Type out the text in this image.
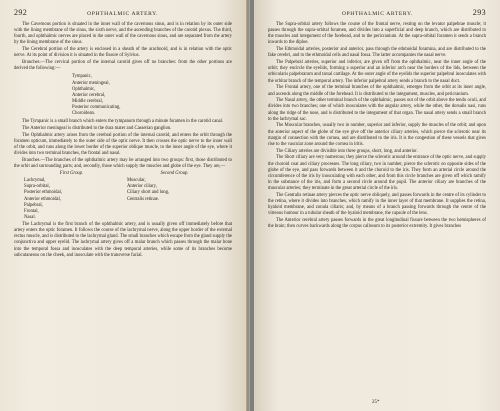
292	OPHTHALMIC ARTERY.

The Cavernous portion is situated in the inner wall of the cavernous sinus, and is in relation by its outer side with the lining membrane of the sinus, the sixth nerve, and the ascending branches of the carotid plexus. The third, fourth, and ophthalmic nerves are placed in the outer wall of the cavernous sinus, and are separated from the artery by the lining membrane of the sinus.

The Cerebral portion of the artery is enclosed in a sheath of the arachnoid, and is in relation with the optic nerve. At its point of division it is situated in the fissure of Sylvius.

Branches.—The cervical portion of the internal carotid gives off no branches: from the other portions are derived the following:—

Tympanic,
Anterior meningeal,
Ophthalmic,
Anterior cerebral,
Middle cerebral,
Posterior communicating,
Choroidean.

The Tympanic is a small branch which enters the tympanum through a minute foramen in the carotid canal.

The Anterior meningeal is distributed to the dura mater and Casserian ganglion.

The Ophthalmic artery arises from the cerebral portion of the internal carotid, and enters the orbit through the foramen opticum, immediately to the outer side of the optic nerve. It then crosses the optic nerve to the inner wall of the orbit, and runs along the lower border of the superior oblique muscle, to the inner angle of the eye, where it divides into two terminal branches, the frontal and nasal.

Branches.—The branches of the ophthalmic artery may be arranged into two groups: first, those distributed to the orbit and surrounding parts; and, secondly, those which supply the muscles and globe of the eye. They are,—

First Group.
Lachrymal,
Supra-orbital,
Posterior ethmoidal,
Anterior ethmoidal,
Palpebral,
Frontal,
Nasal.
Second Group.
Muscular,
Anterior ciliary,
Ciliary short and long,
Centralis retinae.

The Lachrymal is the first branch of the ophthalmic artery, and is usually given off immediately before that artery enters the optic foramen. It follows the course of the lachrymal nerve, along the upper border of the external rectus muscle, and is distributed to the lachrymal gland. The small branches which escape from the gland supply the conjunctiva and upper eyelid. The lachrymal artery gives off a malar branch which passes through the malar bone into the temporal fossa and inosculates with the deep temporal arteries, while some of its branches become subcutaneous on the cheek, and inosculate with the transverse facial.

OPHTHALMIC ARTERY.	293

The Supra-orbital artery follows the course of the frontal nerve, resting on the levator palpebrae muscle; it passes through the supra-orbital foramen, and divides into a superficial and deep branch, which are distributed to the muscles and integument of the forehead, and to the pericranium. At the supra-orbital foramen it sends a branch inwards to the diploe.

The Ethmoidal arteries, posterior and anterior, pass through the ethmoidal foramina, and are distributed to the fake cerebri, and to the ethmoidal cells and nasal fossa. The latter accompanies the nasal nerve.

The Palpebral arteries, superior and inferior, are given off from the ophthalmic, near the inner angle of the orbit; they encircle the eyelids, forming a superior and an inferior arch near the borders of the lids, between the orbicularis palpebrarum and tarsal cartilage. At the outer angle of the eyelids the superior palpebral inosculates with the orbitar branch of the temporal artery. The inferior palpebral artery sends a branch to the nasal duct.

The Frontal artery, one of the terminal branches of the ophthalmic, emerges from the orbit at its inner angle, and ascends along the middle of the forehead. It is distributed to the integument, muscles, and pericranium.

The Nasal artery, the other terminal branch of the ophthalmic, passes out of the orbit above the tendo oculi, and divides into two branches; one of which inosculates with the angular artery, while the other, the dorsalis nasi, runs along the ridge of the nose, and is distributed to the integument of that organ. The nasal artery sends a small branch to the lachrymal sac.

The Muscular branches, usually two in number, superior and inferior, supply the muscles of the orbit; and upon the anterior aspect of the globe of the eye give off the anterior ciliary arteries, which pierce the sclerotic near its margin of connection with the cornea, and are distributed to the iris. It is the congestion of these vessels that gives rise to the vascular zone around the cornea in iritis.

The Ciliary arteries are divisible into three groups, short, long, and anterior.

The Short ciliary are very numerous; they pierce the sclerotic around the entrance of the optic nerve, and supply the choroid coat and ciliary processes. The long ciliary, two in number, pierce the sclerotic on opposite sides of the globe of the eye, and pass forwards between it and the choroid to the iris. They form an arterial circle around the circumference of the iris by inosculating with each other, and from this circle branches are given off which ramify in the substance of the iris, and form a second circle around the pupil. The anterior ciliary are branches of the muscular arteries; they terminate in the great arterial circle of the iris.

The Centralis retinae artery pierces the optic nerve obliquely, and passes forwards in the centre of its cylinder to the retina, where it divides into branches, which ramify in the inner layer of that membrane. It supplies the retina, hyaloid membrane, and zonula ciliaris; and, by means of a branch passing forwards through the centre of the vitreous humour in a tubular sheath of the hyaloid membrane, the capsule of the lens.

The Anterior cerebral artery passes forwards in the great longitudinal fissure between the two hemispheres of the brain; then curves backwards along the corpus callosum to its posterior extremity. It gives branches

25*
